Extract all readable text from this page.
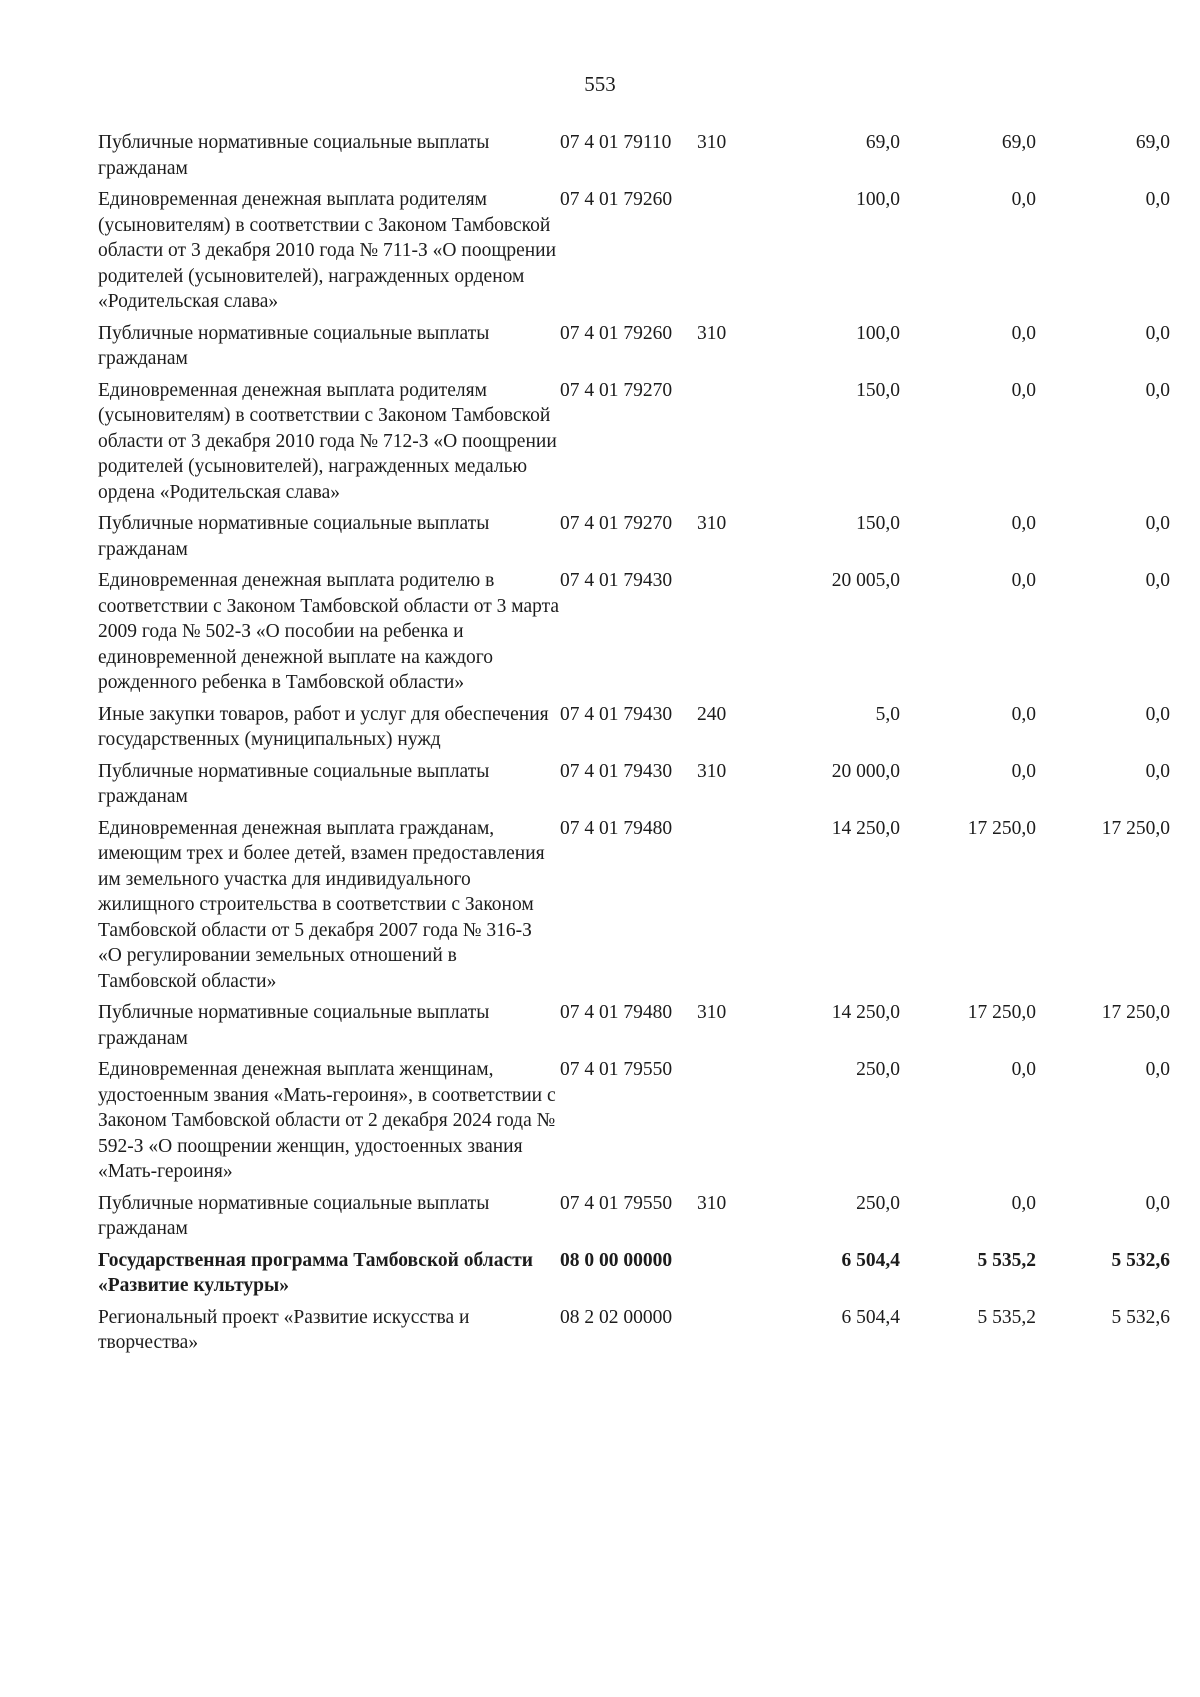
553
Публичные нормативные социальные выплаты гражданам	07 4 01 79110	310	69,0	69,0	69,0
Единовременная денежная выплата родителям (усыновителям) в соответствии с Законом Тамбовской области от 3 декабря 2010 года № 711-З «О поощрении родителей (усыновителей), награжденных орденом «Родительская слава»	07 4 01 79260		100,0	0,0	0,0
Публичные нормативные социальные выплаты гражданам	07 4 01 79260	310	100,0	0,0	0,0
Единовременная денежная выплата родителям (усыновителям) в соответствии с Законом Тамбовской области от 3 декабря 2010 года № 712-З «О поощрении родителей (усыновителей), награжденных медалью ордена «Родительская слава»	07 4 01 79270		150,0	0,0	0,0
Публичные нормативные социальные выплаты гражданам	07 4 01 79270	310	150,0	0,0	0,0
Единовременная денежная выплата родителю в соответствии с Законом Тамбовской области от 3 марта 2009 года № 502-З «О пособии на ребенка и единовременной денежной выплате на каждого рожденного ребенка в Тамбовской области»	07 4 01 79430		20 005,0	0,0	0,0
Иные закупки товаров, работ и услуг для обеспечения государственных (муниципальных) нужд	07 4 01 79430	240	5,0	0,0	0,0
Публичные нормативные социальные выплаты гражданам	07 4 01 79430	310	20 000,0	0,0	0,0
Единовременная денежная выплата гражданам, имеющим трех и более детей, взамен предоставления им земельного участка для индивидуального жилищного строительства в соответствии с Законом Тамбовской области от 5 декабря 2007 года № 316-З «О регулировании земельных отношений в Тамбовской области»	07 4 01 79480		14 250,0	17 250,0	17 250,0
Публичные нормативные социальные выплаты гражданам	07 4 01 79480	310	14 250,0	17 250,0	17 250,0
Единовременная денежная выплата женщинам, удостоенным звания «Мать-героиня», в соответствии с Законом Тамбовской области от 2 декабря 2024 года № 592-З «О поощрении женщин, удостоенных звания «Мать-героиня»	07 4 01 79550		250,0	0,0	0,0
Публичные нормативные социальные выплаты гражданам	07 4 01 79550	310	250,0	0,0	0,0
Государственная программа Тамбовской области «Развитие культуры»	08 0 00 00000		6 504,4	5 535,2	5 532,6
Региональный проект «Развитие искусства и творчества»	08 2 02 00000		6 504,4	5 535,2	5 532,6
